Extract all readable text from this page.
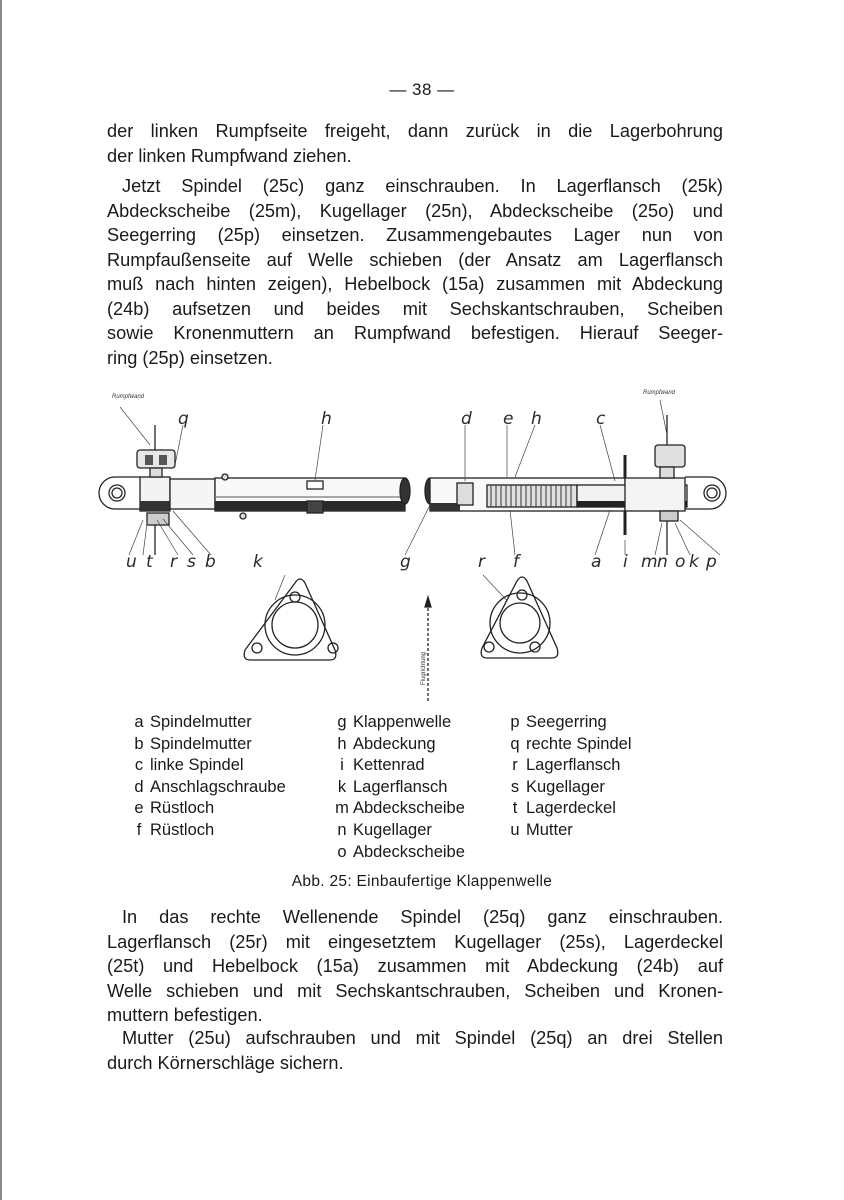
— 38 —
der linken Rumpfseite freigeht, dann zurück in die Lagerbohrung
der linken Rumpfwand ziehen.
Jetzt Spindel (25c) ganz einschrauben. In Lagerflansch (25k)
Abdeckscheibe (25m), Kugellager (25n), Abdeckscheibe (25o) und
Seegerring (25p) einsetzen. Zusammengebautes Lager nun von
Rumpfaußenseite auf Welle schieben (der Ansatz am Lagerflansch
muß nach hinten zeigen), Hebelbock (15a) zusammen mit Abdeckung
(24b) aufsetzen und beides mit Sechskantschrauben, Scheiben
sowie Kronenmuttern an Rumpfwand befestigen. Hierauf Seeger-
ring (25p) einsetzen.
Rumpfwand
Rumpfwand
q	h	d e h	c
u t r s b k	g	r f	a i m n o k p
Flugrichtung
a Spindelmutter
b Spindelmutter
c linke Spindel
d Anschlagschraube
e Rüstloch
f Rüstloch
g Klappenwelle
h Abdeckung
i Kettenrad
k Lagerflansch
m Abdeckscheibe
n Kugellager
o Abdeckscheibe
p Seegerring
q rechte Spindel
r Lagerflansch
s Kugellager
t Lagerdeckel
u Mutter
Abb. 25: Einbaufertige Klappenwelle
In das rechte Wellenende Spindel (25q) ganz einschrauben.
Lagerflansch (25r) mit eingesetztem Kugellager (25s), Lagerdeckel
(25t) und Hebelbock (15a) zusammen mit Abdeckung (24b) auf
Welle schieben und mit Sechskantschrauben, Scheiben und Kronen-
muttern befestigen.
Mutter (25u) aufschrauben und mit Spindel (25q) an drei Stellen
durch Körnerschläge sichern.
